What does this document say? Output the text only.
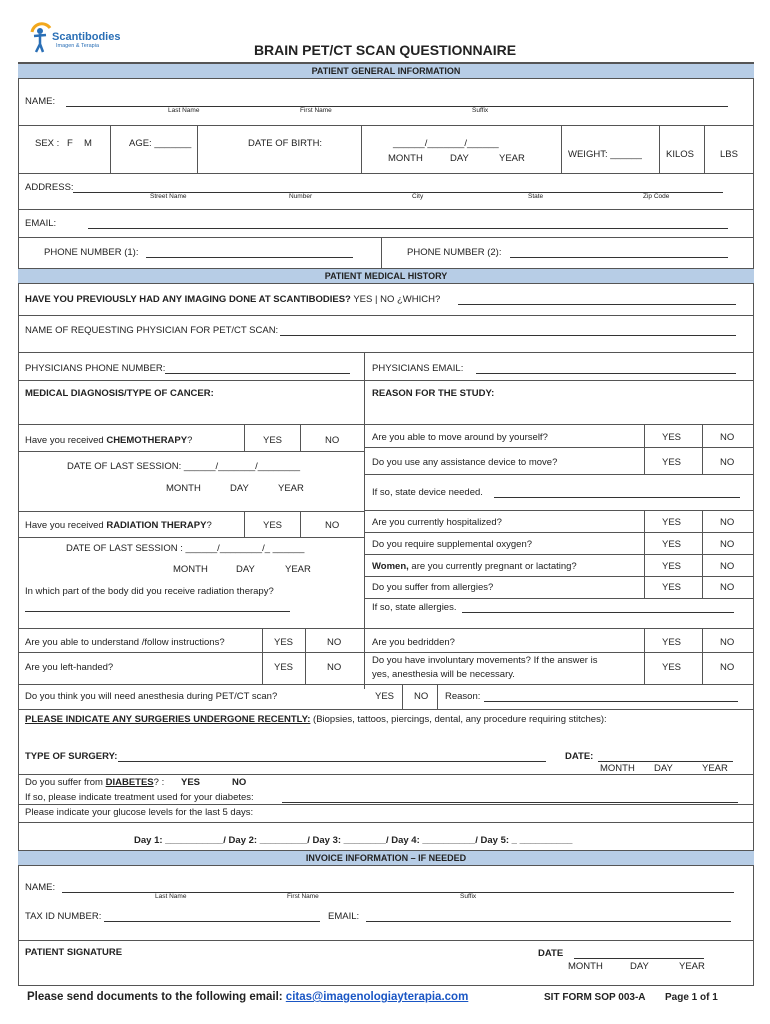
Scantibodies
Imagen & Terapia	BRAIN PET/CT SCAN QUESTIONNAIRE
PATIENT GENERAL INFORMATION
NAME:
Last Name	First Name	Suffix
SEX : F M	AGE: _______	DATE OF BIRTH:	______/_______/______
MONTH	DAY	YEAR	WEIGHT: ______	KILOS	LBS
ADDRESS:
Street Name	Number	City	State	Zip Code
EMAIL:
PHONE NUMBER (1):	PHONE NUMBER (2):
PATIENT MEDICAL HISTORY
HAVE YOU PREVIOUSLY HAD ANY IMAGING DONE AT SCANTIBODIES? YES | NO ¿WHICH?
NAME OF REQUESTING PHYSICIAN FOR PET/CT SCAN:
PHYSICIANS PHONE NUMBER:	PHYSICIANS EMAIL:
MEDICAL DIAGNOSIS/TYPE OF CANCER:	REASON FOR THE STUDY:
Have you received CHEMOTHERAPY?	YES	NO
DATE OF LAST SESSION: ______/_______/________
MONTH	DAY	YEAR
Have you received RADIATION THERAPY?	YES	NO
DATE OF LAST SESSION : ______/________/_ ______
MONTH	DAY	YEAR
In which part of the body did you receive radiation therapy?
Are you able to move around by yourself?	YES	NO
Do you use any assistance device to move?	YES	NO
If so, state device needed.
Are you currently hospitalized?	YES	NO
Do you require supplemental oxygen?	YES	NO
Women, are you currently pregnant or lactating?	YES	NO
Do you suffer from allergies?	YES	NO
If so, state allergies.
Are you able to understand /follow instructions?	YES	NO	Are you bedridden?	YES	NO
Are you left-handed?	YES	NO
Do you have involuntary movements? If the answer is
yes, anesthesia will be necessary.
YES	NO
Do you think you will need anesthesia during PET/CT scan?	YES NO Reason:
PLEASE INDICATE ANY SURGERIES UNDERGONE RECENTLY: (Biopsies, tattoos, piercings, dental, any procedure requiring stitches):
TYPE OF SURGERY:	DATE:
MONTH DAY	YEAR
Do you suffer from DIABETES? : YES	NO
If so, please indicate treatment used for your diabetes:
Please indicate your glucose levels for the last 5 days:
Day 1: ___________/ Day 2: _________/ Day 3: ________/ Day 4: __________/ Day 5: _ __________
INVOICE INFORMATION – IF NEEDED
NAME:
Last Name	First Name	Suffix
TAX ID NUMBER:	EMAIL:
PATIENT SIGNATURE	DATE
MONTH	DAY	YEAR
Please send documents to the following email: citas@imagenologiayterapia.com	SIT FORM SOP 003-A Page 1 of 1
